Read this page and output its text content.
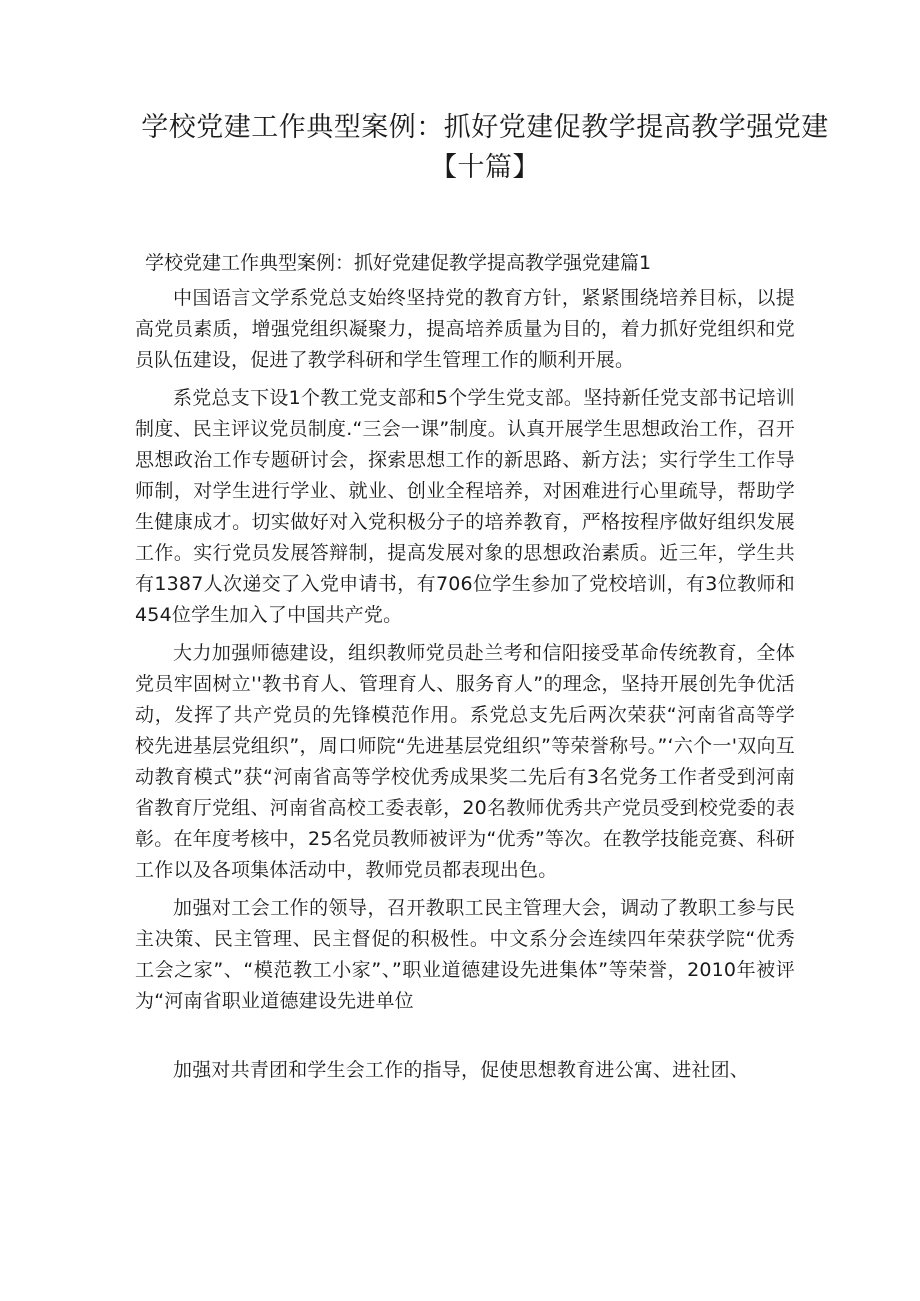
学校党建工作典型案例：抓好党建促教学提高教学强党建【十篇】
学校党建工作典型案例：抓好党建促教学提高教学强党建篇1

中国语言文学系党总支始终坚持党的教育方针，紧紧围绕培养目标，以提高党员素质，增强党组织凝聚力，提高培养质量为目的，着力抓好党组织和党员队伍建设，促进了教学科研和学生管理工作的顺利开展。

系党总支下设1个教工党支部和5个学生党支部。坚持新任党支部书记培训制度、民主评议党员制度.“三会一课”制度。认真开展学生思想政治工作，召开思想政治工作专题研讨会，探索思想工作的新思路、新方法；实行学生工作导师制，对学生进行学业、就业、创业全程培养，对困难进行心里疏导，帮助学生健康成才。切实做好对入党积极分子的培养教育，严格按程序做好组织发展工作。实行党员发展答辩制，提高发展对象的思想政治素质。近三年，学生共有1387人次递交了入党申请书，有706位学生参加了党校培训，有3位教师和454位学生加入了中国共产党。

大力加强师德建设，组织教师党员赴兰考和信阳接受革命传统教育，全体党员牢固树立''教书育人、管理育人、服务育人”的理念，坚持开展创先争优活动，发挥了共产党员的先锋模范作用。系党总支先后两次荣获“河南省高等学校先进基层党组织”，周口师院“先进基层党组织”等荣誉称号。”‘六个一'双向互动教育模式”获“河南省高等学校优秀成果奖二先后有3名党务工作者受到河南省教育厅党组、河南省高校工委表彰，20名教师优秀共产党员受到校党委的表彰。在年度考核中，25名党员教师被评为“优秀”等次。在教学技能竞赛、科研工作以及各项集体活动中，教师党员都表现出色。

加强对工会工作的领导，召开教职工民主管理大会，调动了教职工参与民主决策、民主管理、民主督促的积极性。中文系分会连续四年荣获学院“优秀工会之家”、“模范教工小家”、”职业道德建设先进集体”等荣誉，2010年被评为“河南省职业道德建设先进单位

加强对共青团和学生会工作的指导，促使思想教育进公寓、进社团、
